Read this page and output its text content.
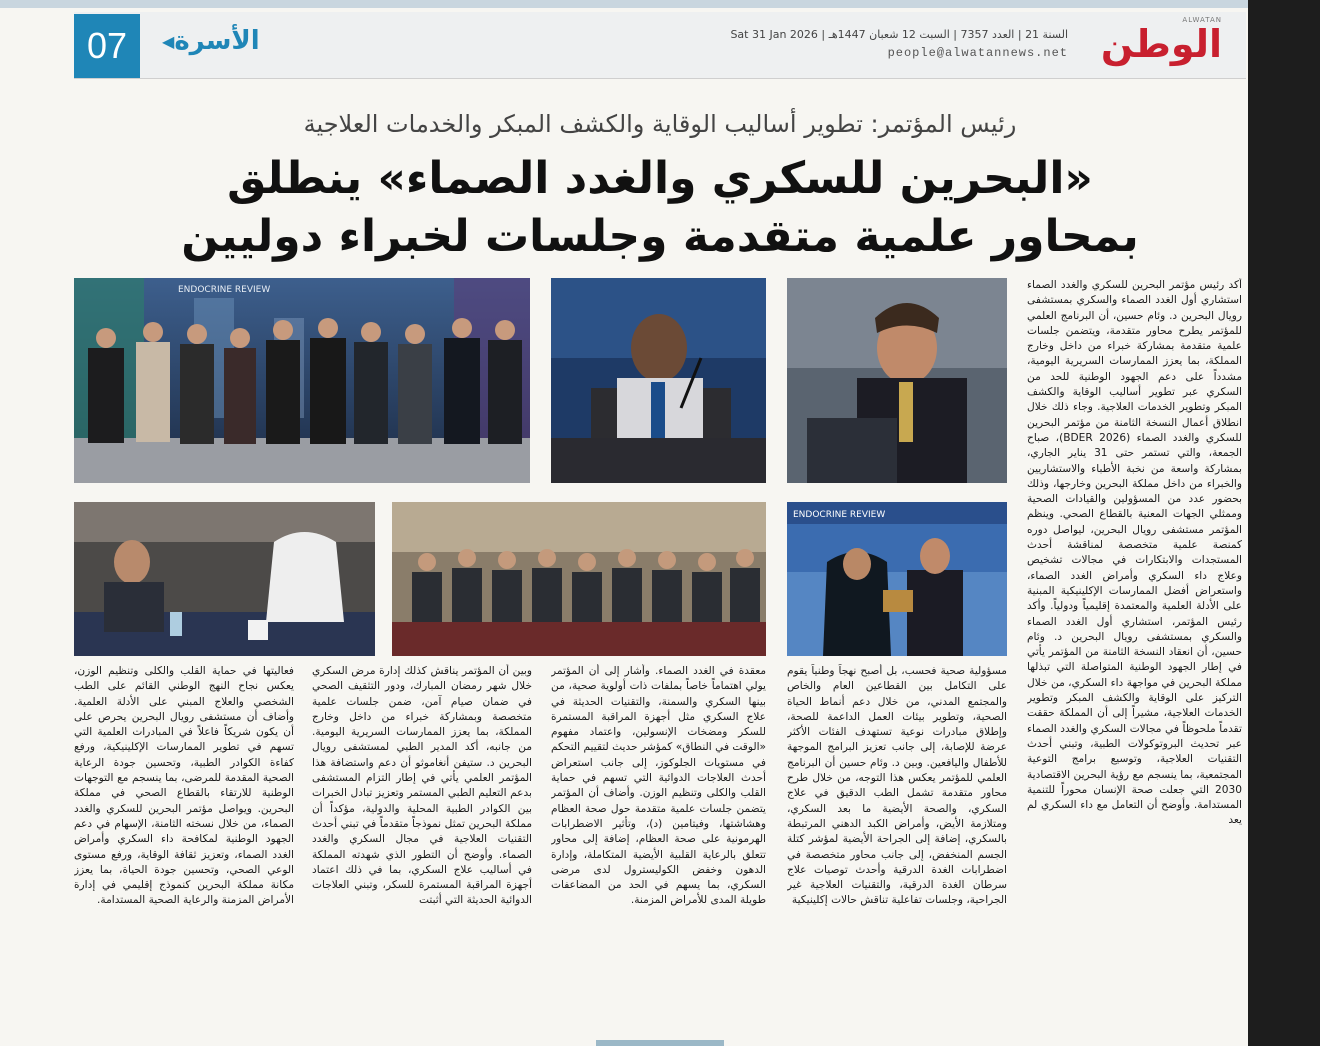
07	الأسرة◀
ALWATAN
الوطن
السنة 21 | العدد 7357 | السبت 12 شعبان 1447هـ | Sat 31 Jan 2026
people@alwatannews.net
رئيس المؤتمر: تطوير أساليب الوقاية والكشف المبكر والخدمات العلاجية
«البحرين للسكري والغدد الصماء» ينطلق
بمحاور علمية متقدمة وجلسات لخبراء دوليين
ENDOCRINE REVIEW
ENDOCRINE REVIEW

أكد رئيس مؤتمر البحرين للسكري والغدد الصماء استشاري أول الغدد الصماء والسكري بمستشفى رويال البحرين د. وئام حسين، أن البرنامج العلمي للمؤتمر يطرح محاور متقدمة، ويتضمن جلسات علمية متقدمة بمشاركة خبراء من داخل وخارج المملكة، بما يعزز الممارسات السريرية اليومية، مشدداً على دعم الجهود الوطنية للحد من السكري عبر تطوير أساليب الوقاية والكشف المبكر وتطوير الخدمات العلاجية. وجاء ذلك خلال انطلاق أعمال النسخة الثامنة من مؤتمر البحرين للسكري والغدد الصماء (BDER 2026)، صباح الجمعة، والتي تستمر حتى 31 يناير الجاري، بمشاركة واسعة من نخبة الأطباء والاستشاريين والخبراء من داخل مملكة البحرين وخارجها، وذلك بحضور عدد من المسؤولين والقيادات الصحية وممثلي الجهات المعنية بالقطاع الصحي. وينظم المؤتمر مستشفى رويال البحرين، ليواصل دوره كمنصة علمية متخصصة لمناقشة أحدث المستجدات والابتكارات في مجالات تشخيص وعلاج داء السكري وأمراض الغدد الصماء، واستعراض أفضل الممارسات الإكلينيكية المبنية على الأدلة العلمية والمعتمدة إقليمياً ودولياً. وأكد رئيس المؤتمر، استشاري أول الغدد الصماء والسكري بمستشفى رويال البحرين د. وئام حسين، أن انعقاد النسخة الثامنة من المؤتمر يأتي في إطار الجهود الوطنية المتواصلة التي تبذلها مملكة البحرين في مواجهة داء السكري، من خلال التركيز على الوقاية والكشف المبكر وتطوير الخدمات العلاجية، مشيراً إلى أن المملكة حققت تقدماً ملحوظاً في مجالات السكري والغدد الصماء عبر تحديث البروتوكولات الطبية، وتبني أحدث التقنيات العلاجية، وتوسيع برامج التوعية المجتمعية، بما ينسجم مع رؤية البحرين الاقتصادية 2030 التي جعلت صحة الإنسان محوراً للتنمية المستدامة. وأوضح أن التعامل مع داء السكري لم يعد

مسؤولية صحية فحسب، بل أصبح نهجاً وطنياً يقوم على التكامل بين القطاعين العام والخاص والمجتمع المدني، من خلال دعم أنماط الحياة الصحية، وتطوير بيئات العمل الداعمة للصحة، وإطلاق مبادرات نوعية تستهدف الفئات الأكثر عرضة للإصابة، إلى جانب تعزيز البرامج الموجهة للأطفال واليافعين. وبين د. وئام حسين أن البرنامج العلمي للمؤتمر يعكس هذا التوجه، من خلال طرح محاور متقدمة تشمل الطب الدقيق في علاج السكري، والصحة الأيضية ما بعد السكري، ومتلازمة الأيض، وأمراض الكبد الدهني المرتبطة بالسكري، إضافة إلى الجراحة الأيضية لمؤشر كتلة الجسم المنخفض، إلى جانب محاور متخصصة في اضطرابات الغدة الدرقية وأحدث توصيات علاج سرطان الغدة الدرقية، والتقنيات العلاجية غير الجراحية، وجلسات تفاعلية تناقش حالات إكلينيكية

معقدة في الغدد الصماء. وأشار إلى أن المؤتمر يولي اهتماماً خاصاً بملفات ذات أولوية صحية، من بينها السكري والسمنة، والتقنيات الحديثة في علاج السكري مثل أجهزة المراقبة المستمرة للسكر ومضخات الإنسولين، واعتماد مفهوم «الوقت في النطاق» كمؤشر حديث لتقييم التحكم في مستويات الجلوكوز، إلى جانب استعراض أحدث العلاجات الدوائية التي تسهم في حماية القلب والكلى وتنظيم الوزن. وأضاف أن المؤتمر يتضمن جلسات علمية متقدمة حول صحة العظام وهشاشتها، وفيتامين (د)، وتأثير الاضطرابات الهرمونية على صحة العظام، إضافة إلى محاور تتعلق بالرعاية القلبية الأيضية المتكاملة، وإدارة الدهون وخفض الكوليسترول لدى مرضى السكري، بما يسهم في الحد من المضاعفات طويلة المدى للأمراض المزمنة.

وبين أن المؤتمر يناقش كذلك إدارة مرض السكري خلال شهر رمضان المبارك، ودور التثقيف الصحي في ضمان صيام آمن، ضمن جلسات علمية متخصصة وبمشاركة خبراء من داخل وخارج المملكة، بما يعزز الممارسات السريرية اليومية. من جانبه، أكد المدير الطبي لمستشفى رويال البحرين د. ستيفن أنغاموثو أن دعم واستضافة هذا المؤتمر العلمي يأتي في إطار التزام المستشفى بدعم التعليم الطبي المستمر وتعزيز تبادل الخبرات بين الكوادر الطبية المحلية والدولية، مؤكداً أن مملكة البحرين تمثل نموذجاً متقدماً في تبني أحدث التقنيات العلاجية في مجال السكري والغدد الصماء. وأوضح أن التطور الذي شهدته المملكة في أساليب علاج السكري، بما في ذلك اعتماد أجهزة المراقبة المستمرة للسكر، وتبني العلاجات الدوائية الحديثة التي أثبتت

فعاليتها في حماية القلب والكلى وتنظيم الوزن، يعكس نجاح النهج الوطني القائم على الطب الشخصي والعلاج المبني على الأدلة العلمية. وأضاف أن مستشفى رويال البحرين يحرص على أن يكون شريكاً فاعلاً في المبادرات العلمية التي تسهم في تطوير الممارسات الإكلينيكية، ورفع كفاءة الكوادر الطبية، وتحسين جودة الرعاية الصحية المقدمة للمرضى، بما ينسجم مع التوجهات الوطنية للارتقاء بالقطاع الصحي في مملكة البحرين. ويواصل مؤتمر البحرين للسكري والغدد الصماء، من خلال نسخته الثامنة، الإسهام في دعم الجهود الوطنية لمكافحة داء السكري وأمراض الغدد الصماء، وتعزيز ثقافة الوقاية، ورفع مستوى الوعي الصحي، وتحسين جودة الحياة، بما يعزز مكانة مملكة البحرين كنموذج إقليمي في إدارة الأمراض المزمنة والرعاية الصحية المستدامة.
